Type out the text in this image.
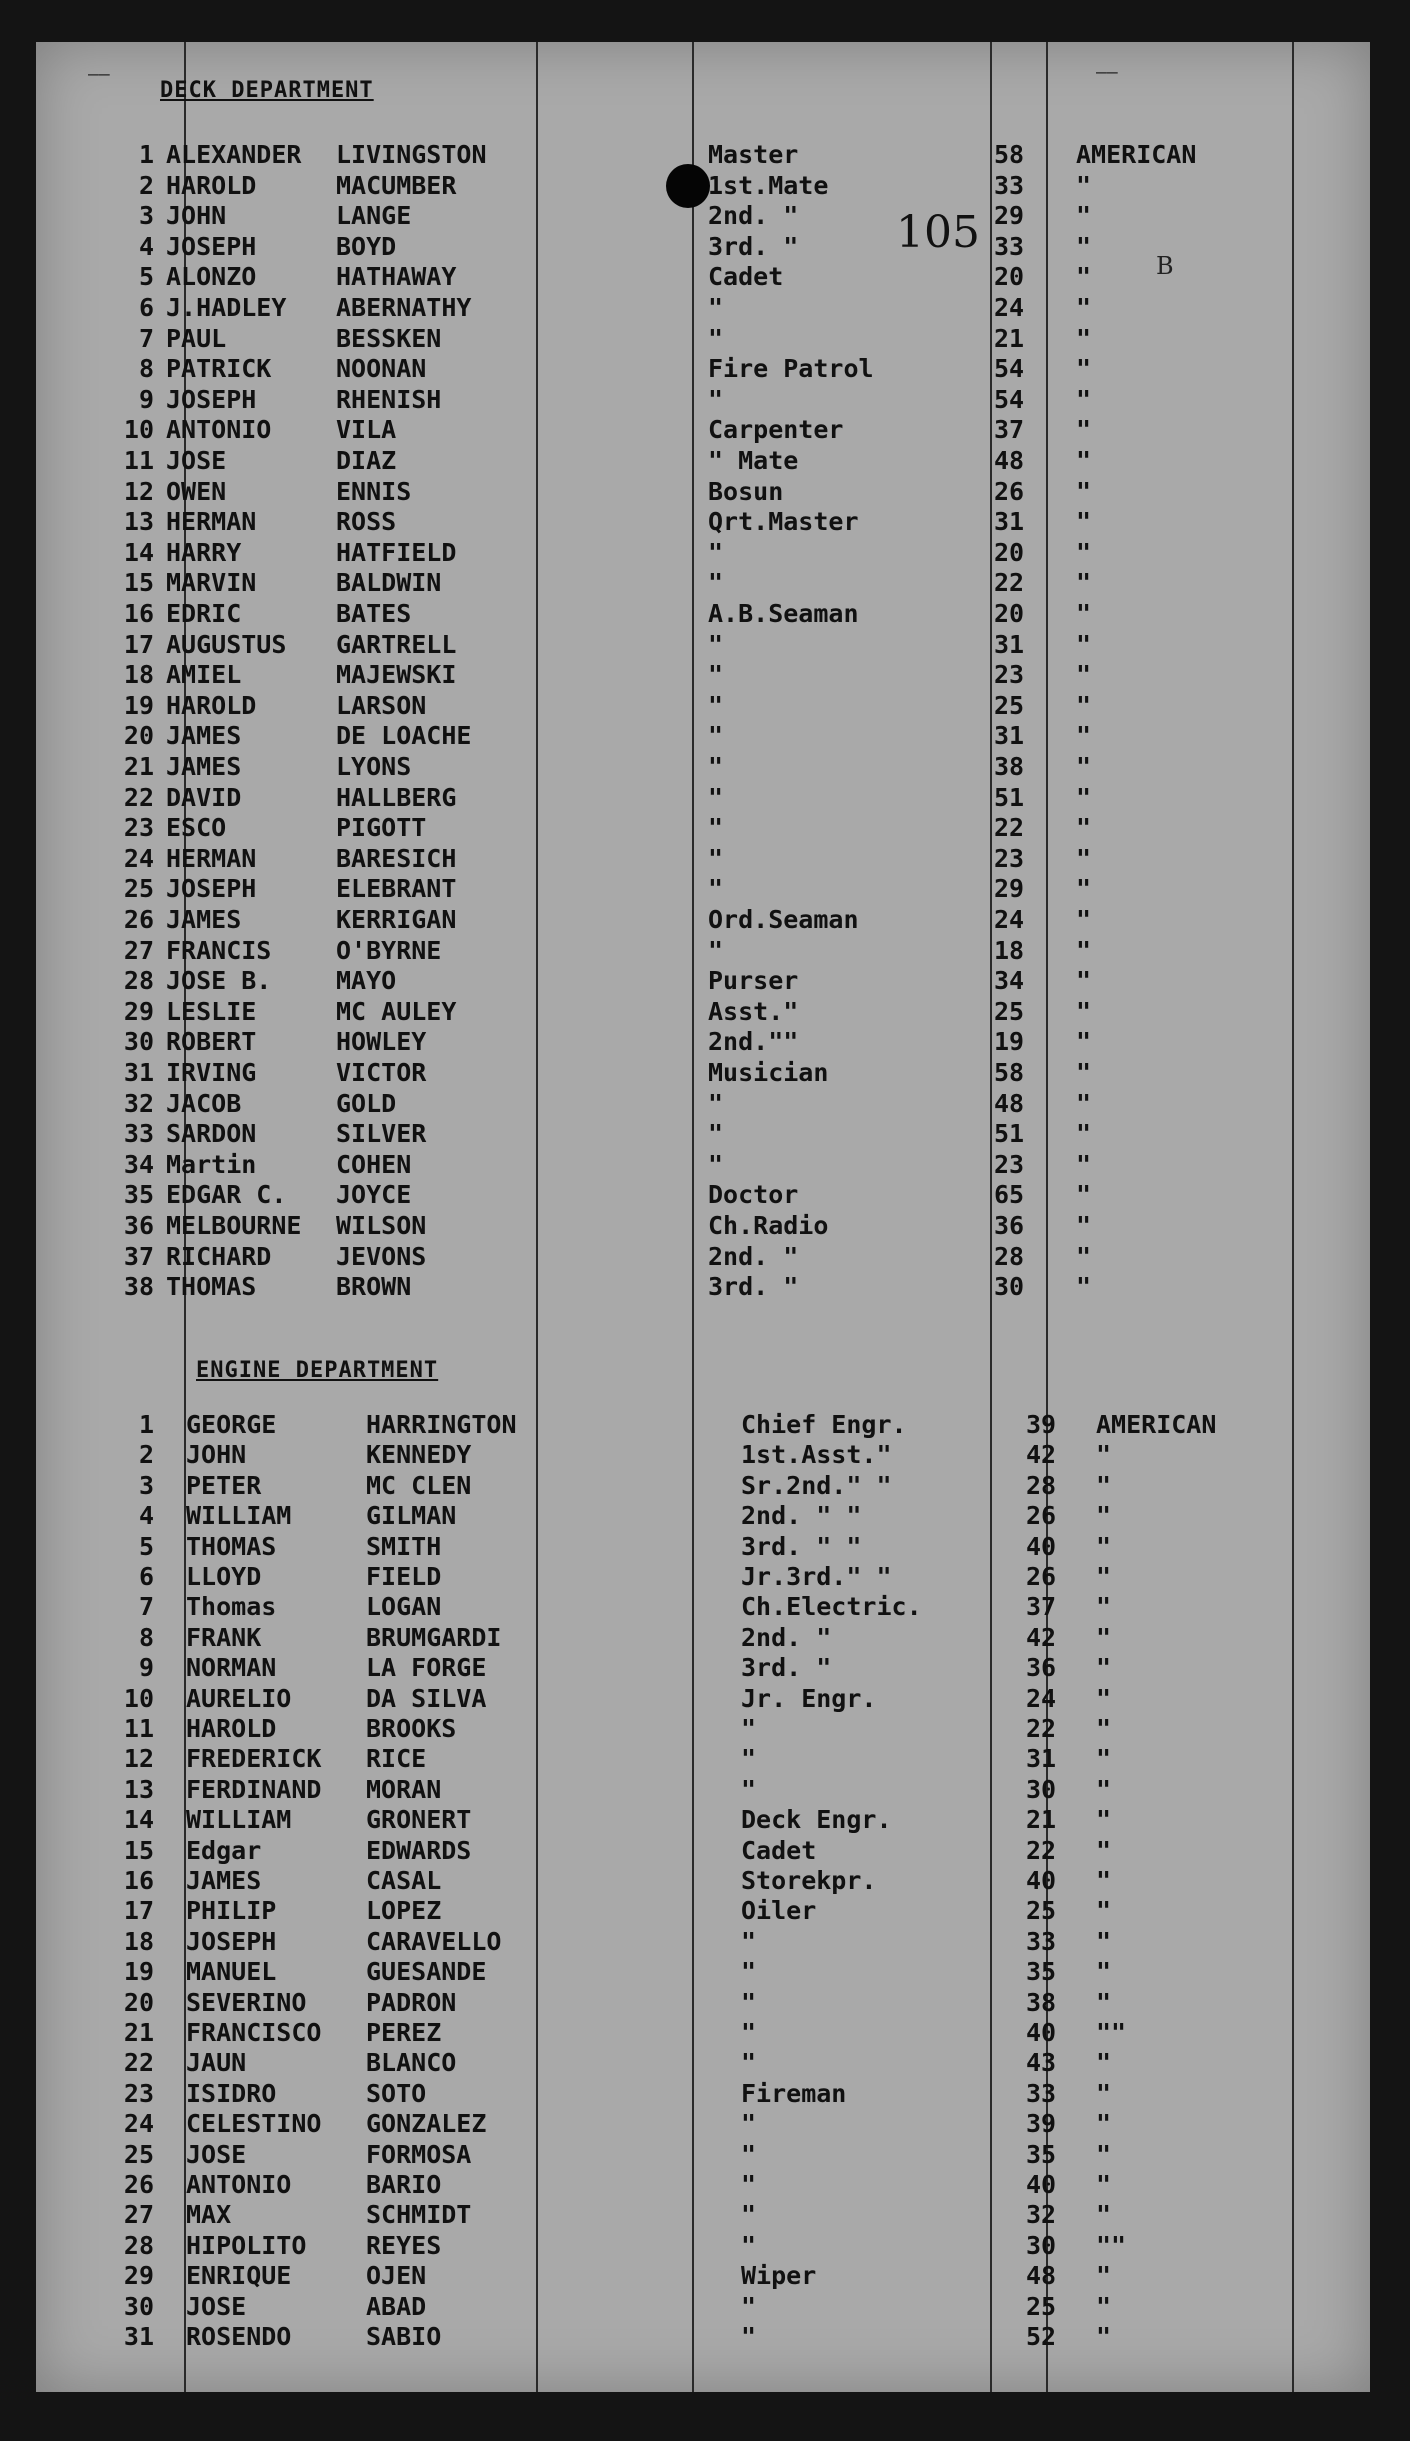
——	——
105
B
DECK DEPARTMENT
1 ALEXANDER LIVINGSTON	Master	58 AMERICAN
2 HAROLD	MACUMBER	1st.Mate	33 "
3 JOHN	LANGE	2nd. "	29 "
4 JOSEPH	BOYD	3rd. "	33 "
5 ALONZO	HATHAWAY	Cadet	20 "
6 J.HADLEY ABERNATHY	"	24 "
7 PAUL	BESSKEN	"	21 "
8 PATRICK	NOONAN	Fire Patrol	54 "
9 JOSEPH	RHENISH	"	54 "
10 ANTONIO	VILA	Carpenter	37 "
11 JOSE	DIAZ	" Mate	48 "
12 OWEN	ENNIS	Bosun	26 "
13 HERMAN	ROSS	Qrt.Master	31 "
14 HARRY	HATFIELD	"	20 "
15 MARVIN	BALDWIN	"	22 "
16 EDRIC	BATES	A.B.Seaman	20 "
17 AUGUSTUS GARTRELL	"	31 "
18 AMIEL	MAJEWSKI	"	23 "
19 HAROLD	LARSON	"	25 "
20 JAMES	DE LOACHE	"	31 "
21 JAMES	LYONS	"	38 "
22 DAVID	HALLBERG	"	51 "
23 ESCO	PIGOTT	"	22 "
24 HERMAN	BARESICH	"	23 "
25 JOSEPH	ELEBRANT	"	29 "
26 JAMES	KERRIGAN	Ord.Seaman	24 "
27 FRANCIS	O'BYRNE	"	18 "
28 JOSE B.	MAYO	Purser	34 "
29 LESLIE	MC AULEY	Asst."	25 "
30 ROBERT	HOWLEY	2nd.""	19 "
31 IRVING	VICTOR	Musician	58 "
32 JACOB	GOLD	"	48 "
33 SARDON	SILVER	"	51 "
34 Martin	COHEN	"	23 "
35 EDGAR C. JOYCE	Doctor	65 "
36 MELBOURNE WILSON	Ch.Radio	36 "
37 RICHARD	JEVONS	2nd. "	28 "
38 THOMAS	BROWN	3rd. "	30 "
ENGINE DEPARTMENT
1 GEORGE	HARRINGTON	Chief Engr.	39 AMERICAN
2 JOHN	KENNEDY	1st.Asst."	42 "
3 PETER	MC CLEN	Sr.2nd." "	28 "
4 WILLIAM	GILMAN	2nd. " "	26 "
5 THOMAS	SMITH	3rd. " "	40 "
6 LLOYD	FIELD	Jr.3rd." "	26 "
7 Thomas	LOGAN	Ch.Electric.	37 "
8 FRANK	BRUMGARDI	2nd. "	42 "
9 NORMAN	LA FORGE	3rd. "	36 "
10 AURELIO	DA SILVA	Jr. Engr.	24 "
11 HAROLD	BROOKS	"	22 "
12 FREDERICK RICE	"	31 "
13 FERDINAND MORAN	"	30 "
14 WILLIAM	GRONERT	Deck Engr.	21 "
15 Edgar	EDWARDS	Cadet	22 "
16 JAMES	CASAL	Storekpr.	40 "
17 PHILIP	LOPEZ	Oiler	25 "
18 JOSEPH	CARAVELLO	"	33 "
19 MANUEL	GUESANDE	"	35 "
20 SEVERINO PADRON	"	38 "
21 FRANCISCO PEREZ	"	40 ""
22 JAUN	BLANCO	"	43 "
23 ISIDRO	SOTO	Fireman	33 "
24 CELESTINO GONZALEZ	"	39 "
25 JOSE	FORMOSA	"	35 "
26 ANTONIO	BARIO	"	40 "
27 MAX	SCHMIDT	"	32 "
28 HIPOLITO REYES	"	30 ""
29 ENRIQUE	OJEN	Wiper	48 "
30 JOSE	ABAD	"	25 "
31 ROSENDO	SABIO	"	52 "
